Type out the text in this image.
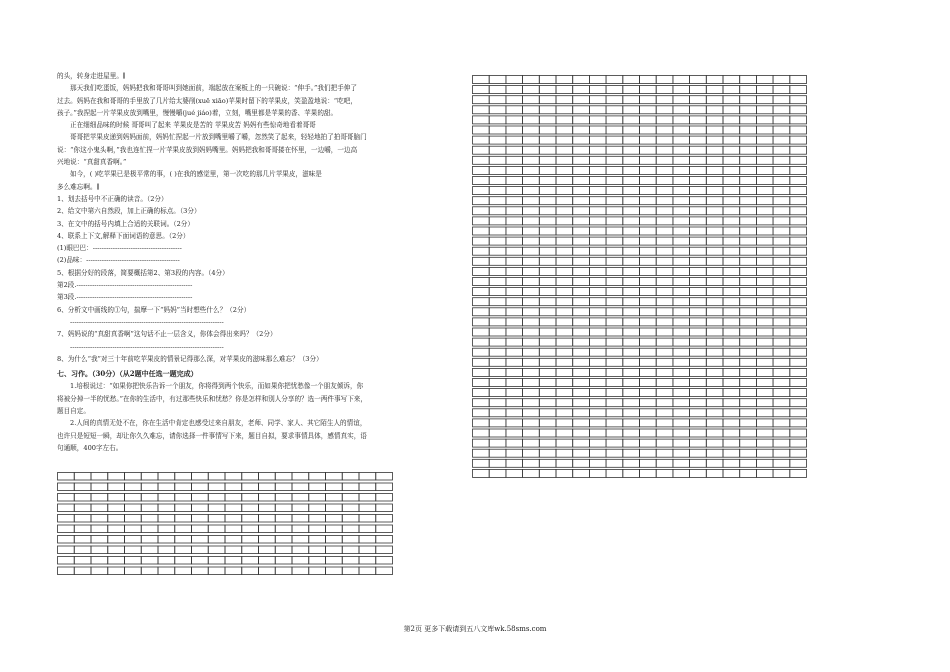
的头，转身走进屋里。∥

那天我们吃蛋饭，妈妈把我和哥哥叫到她面前，端起放在案板上的一只碗说：“伸手。”我们把手伸了

过去。妈妈在我和哥哥的手里放了几片给太婆削(xuē xiāo)苹果时留下的苹果皮，笑盈盈地说：“吃吧，

孩子。”我捏起一片苹果皮放到嘴里，慢慢嚼(jué jiáo)着，立刻，嘴里都是苹果的香、苹果的甜。

正在细细品味的时候 哥哥叫了起来 苹果皮是苦的 苹果皮苦 妈妈有些惊奇地看着哥哥

哥哥把苹果皮递到妈妈面前，妈妈忙捏起一片放到嘴里嚼了嚼，忽然笑了起来，轻轻地拍了拍哥哥脑门

说：“你这小鬼头啊，”我也连忙捏一片苹果皮放到妈妈嘴里。妈妈把我和哥哥搂在怀里，一边嚼，一边高

兴地说：“真甜真香啊。”

如今，( )吃苹果已是极平常的事，( )在我的感觉里，第一次吃的那几片苹果皮，滋味是

多么难忘啊。∥

1、划去括号中不正确的读音。（2分）

2、给文中第六自然段，加上正确的标点。（3分）

3、在文中的括号内填上合适的关联词。（2分）

4、联系上下文,解释下面词语的意思。（2分）

(1)眼巴巴：----------------------------------------

(2)品味：------------------------------------------

5、根据分好的段落，简要概括第2、第3段的内容。（4分）

第2段.----------------------------------------------------

第3段.----------------------------------------------------

6、分析文中画线的①句，揣摩一下“妈妈”当时想些什么？（2分）

---------------------------------------------------------------------

7、妈妈说的“真甜真香啊”这句话不止一层含义，你体会得出来吗？（2分）

---------------------------------------------------------------------

8、为什么“我”对三十年前吃苹果皮的情景记得那么深，对苹果皮的滋味那么难忘？（3分）

七、习作。（30分）（从2题中任选一题完成）

1.培根说过：“如果你把快乐告诉一个朋友，你将得到两个快乐，而如果你把忧愁像一个朋友倾诉，你

将被分掉一半的忧愁。”在你的生活中，有过那些快乐和忧愁？你是怎样和别人分享的？选一两件事写下来，

题目自定。

2.人间的真情无处不在，你在生活中肯定也感受过来自朋友，老师、同学、家人、其它陌生人的情谊，

也许只是短短一瞬，却让你久久难忘，请你选择一件事情写下来，题目自拟，要求事情具体，感情真实，语

句通顺，400字左右。

第2页 更多下载请到五八文库wk.58sms.com
